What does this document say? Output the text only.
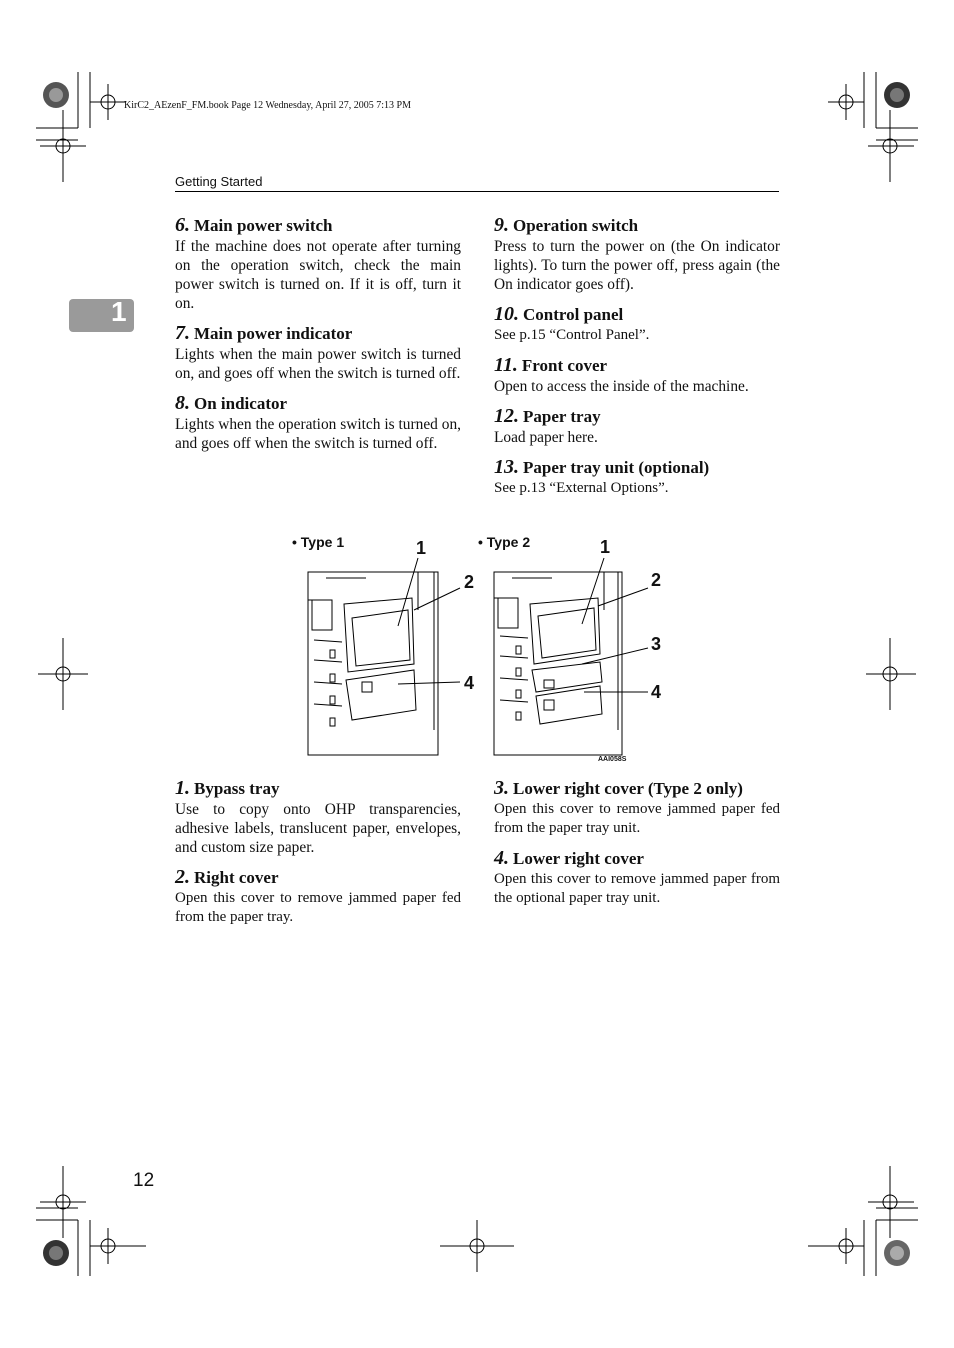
KirC2_AEzenF_FM.book Page 12 Wednesday, April 27, 2005 7:13 PM
Getting Started
1
6. Main power switch
If the machine does not operate after turning on the operation switch, check the main power switch is turned on. If it is off, turn it on.
7. Main power indicator
Lights when the main power switch is turned on, and goes off when the switch is turned off.
8. On indicator
Lights when the operation switch is turned on, and goes off when the switch is turned off.
9. Operation switch
Press to turn the power on (the On indicator lights). To turn the power off, press again (the On indicator goes off).
10. Control panel
See p.15 “Control Panel”.
11. Front cover
Open to access the inside of the machine.
12. Paper tray
Load paper here.
13. Paper tray unit (optional)
See p.13 “External Options”.
• Type 1	• Type 2
1
2
4
1
2
3
4
AAI058S
1. Bypass tray
Use to copy onto OHP transparencies, adhesive labels, translucent paper, envelopes, and custom size paper.
2. Right cover
Open this cover to remove jammed paper fed from the paper tray.
3. Lower right cover (Type 2 only)
Open this cover to remove jammed paper fed from the paper tray unit.
4. Lower right cover
Open this cover to remove jammed paper from the optional paper tray unit.
12
